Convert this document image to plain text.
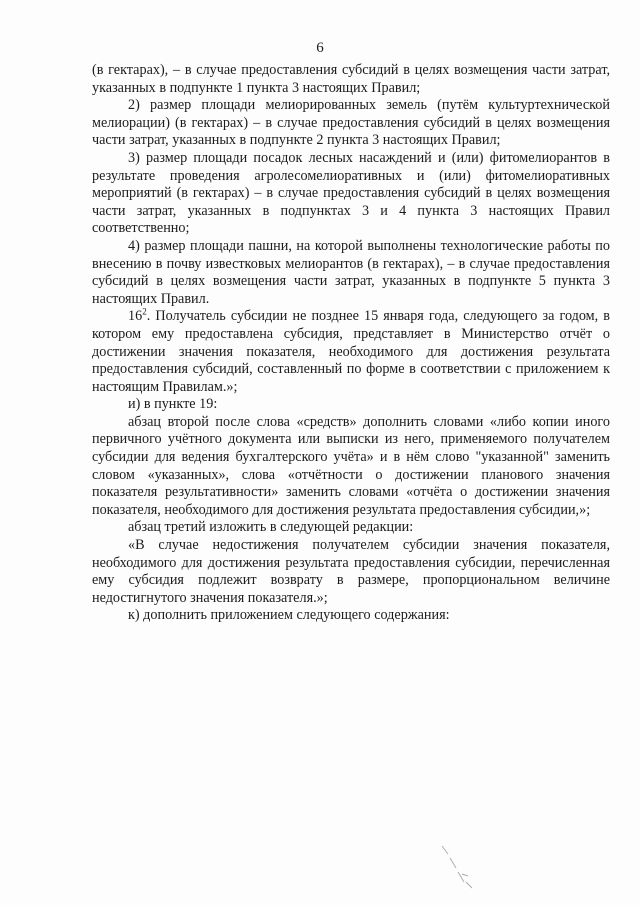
6

(в гектарах), – в случае предоставления субсидий в целях возмещения части затрат, указанных в подпункте 1 пункта 3 настоящих Правил;

2) размер площади мелиорированных земель (путём культуртехнической мелиорации) (в гектарах) – в случае предоставления субсидий в целях возмещения части затрат, указанных в подпункте 2 пункта 3 настоящих Правил;

3) размер площади посадок лесных насаждений и (или) фитомелиорантов в результате проведения агролесомелиоративных и (или) фитомелиоративных мероприятий (в гектарах) – в случае предоставления субсидий в целях возмещения части затрат, указанных в подпунктах 3 и 4 пункта 3 настоящих Правил соответственно;

4) размер площади пашни, на которой выполнены технологические работы по внесению в почву известковых мелиорантов (в гектарах), – в случае предоставления субсидий в целях возмещения части затрат, указанных в подпункте 5 пункта 3 настоящих Правил.

$16^2$. Получатель субсидии не позднее 15 января года, следующего за годом, в котором ему предоставлена субсидия, представляет в Министерство отчёт о достижении значения показателя, необходимого для достижения результата предоставления субсидий, составленный по форме в соответствии с приложением к настоящим Правилам.»;

и) в пункте 19:

абзац второй после слова «средств» дополнить словами «либо копии иного первичного учётного документа или выписки из него, применяемого получателем субсидии для ведения бухгалтерского учёта» и в нём слово "указанной" заменить словом «указанных», слова «отчётности о достижении планового значения показателя результативности» заменить словами «отчёта о достижении значения показателя, необходимого для достижения результата предоставления субсидии,»;

абзац третий изложить в следующей редакции:

«В случае недостижения получателем субсидии значения показателя, необходимого для достижения результата предоставления субсидии, перечисленная ему субсидия подлежит возврату в размере, пропорциональном величине недостигнутого значения показателя.»;

к) дополнить приложением следующего содержания:
